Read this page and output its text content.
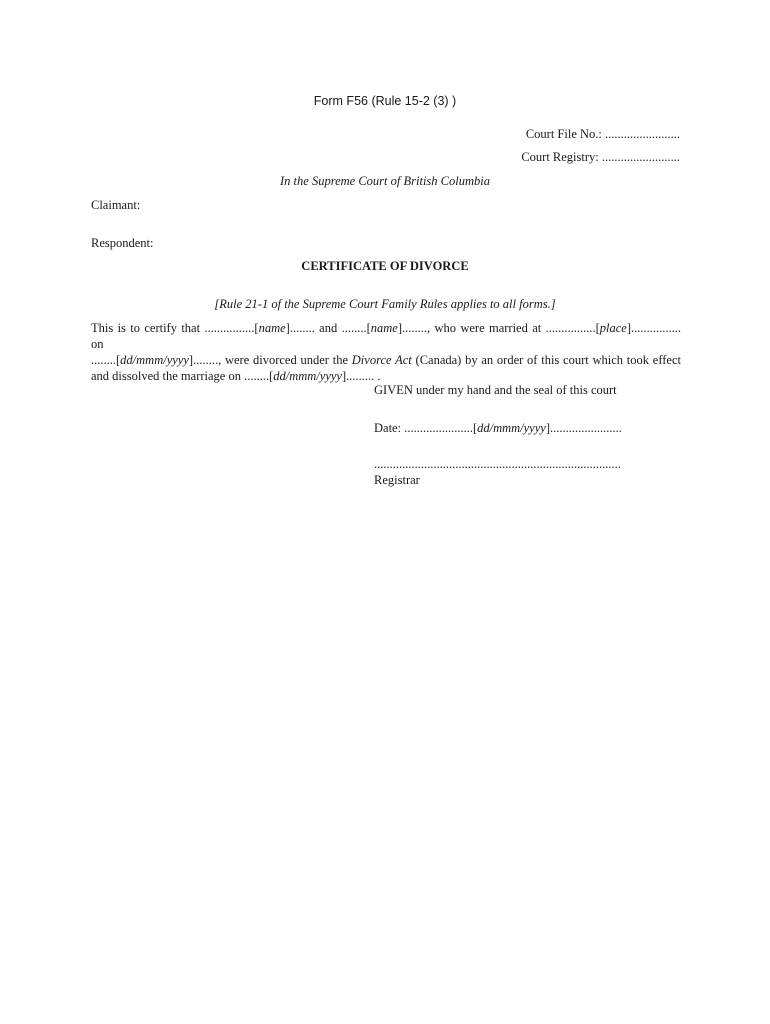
Form F56 (Rule 15-2 (3) )
Court File No.: ........................
Court Registry: .........................
In the Supreme Court of British Columbia
Claimant:
Respondent:
CERTIFICATE OF DIVORCE
[Rule 21-1 of the Supreme Court Family Rules applies to all forms.]
This is to certify that ................[name]........ and ........[name]........, who were married at ................[place]................ on
........[dd/mmm/yyyy]........, were divorced under the Divorce Act (Canada) by an order of this court which took effect
and dissolved the marriage on ........[dd/mmm/yyyy]......... .
GIVEN under my hand and the seal of this court
Date: ......................[dd/mmm/yyyy].......................
...............................................................................
Registrar
